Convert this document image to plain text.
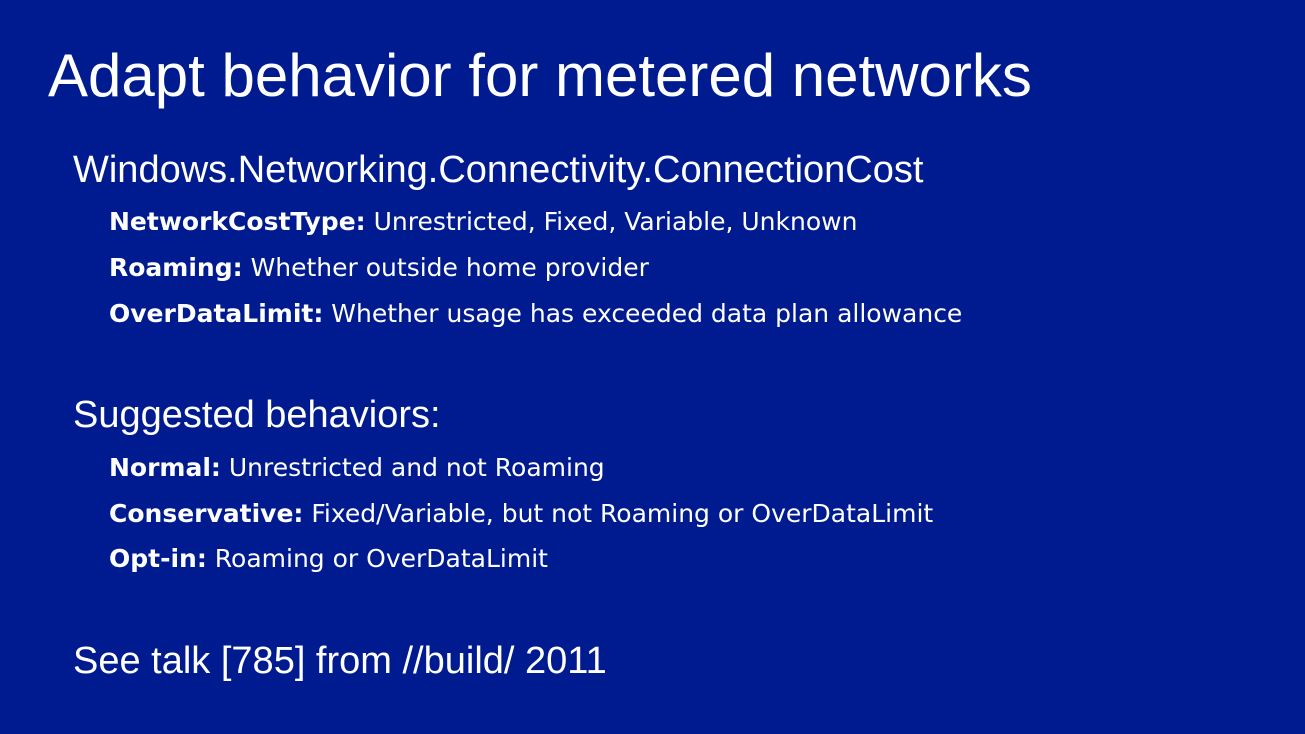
Adapt behavior for metered networks
Windows.Networking.Connectivity.ConnectionCost
NetworkCostType: Unrestricted, Fixed, Variable, Unknown
Roaming: Whether outside home provider
OverDataLimit: Whether usage has exceeded data plan allowance
Suggested behaviors:
Normal: Unrestricted and not Roaming
Conservative: Fixed/Variable, but not Roaming or OverDataLimit
Opt-in: Roaming or OverDataLimit
See talk [785] from //build/ 2011
